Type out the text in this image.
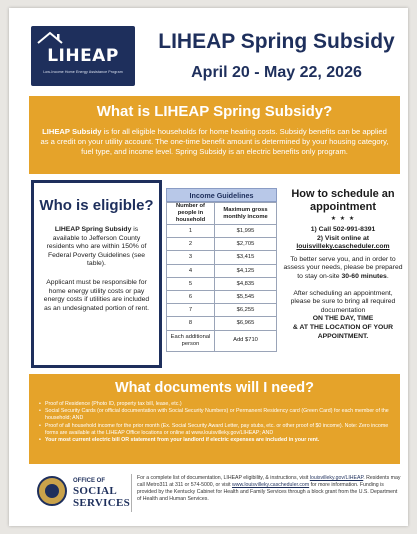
LIHEAP
Low-Income Home Energy Assistance Program
LIHEAP Spring Subsidy
April 20 - May 22, 2026
What is LIHEAP Spring Subsidy?
LIHEAP Subsidy is for all eligible households for home heating costs. Subsidy benefits can be applied as a credit on your utility account. The one-time benefit amount is determined by your housing category, fuel type, and income level. Spring Subsidy is an electric benefits only program.
Who is eligible?
LIHEAP Spring Subsidy is available to Jefferson County residents who are within 150% of Federal Poverty Guidelines (see table).
Applicant must be responsible for home energy utility costs or pay energy costs if utilities are included as an undesignated portion of rent.
Income Guidelines
Number of people in household	Maximum gross monthly income
1	$1,995
2	$2,705
3	$3,415
4	$4,125
5	$4,835
6	$5,545
7	$6,255
8	$6,965
Each additional person	Add $710
How to schedule an appointment
★ ★ ★
1) Call 502-991-8391
2) Visit online at
louisvilleky.cascheduler.com
To better serve you, and in order to assess your needs, please be prepared to stay on-site 30-60 minutes.
After scheduling an appointment, please be sure to bring all required documentation
ON THE DAY, TIME
& AT THE LOCATION OF YOUR APPOINTMENT.
What documents will I need?
• Proof of Residence (Photo ID, property tax bill, lease, etc.)
• Social Security Cards (or official documentation with Social Security Numbers) or Permanent Residency card (Green Card) for each member of the household; AND
• Proof of all household income for the prior month (Ex. Social Security Award Letter, pay stubs, etc. or other proof of $0 income). Note: Zero income forms are available at the LIHEAP Office locations or online at www.louisvilleky.gov/LIHEAP; AND
• Your most current electric bill OR statement from your landlord if electric expenses are included in your rent.
OFFICE OF
SOCIAL
SERVICES
For a complete list of documentation, LIHEAP eligibility, & instructions, visit louisvilleky.gov/LIHEAP. Residents may call Metro311 at 311 or 574-5000, or visit www.louisvilleky.cascheduler.com for more information. Funding is provided by the Kentucky Cabinet for Health and Family Services through a block grant from the U.S. Department of Health and Human Services.
